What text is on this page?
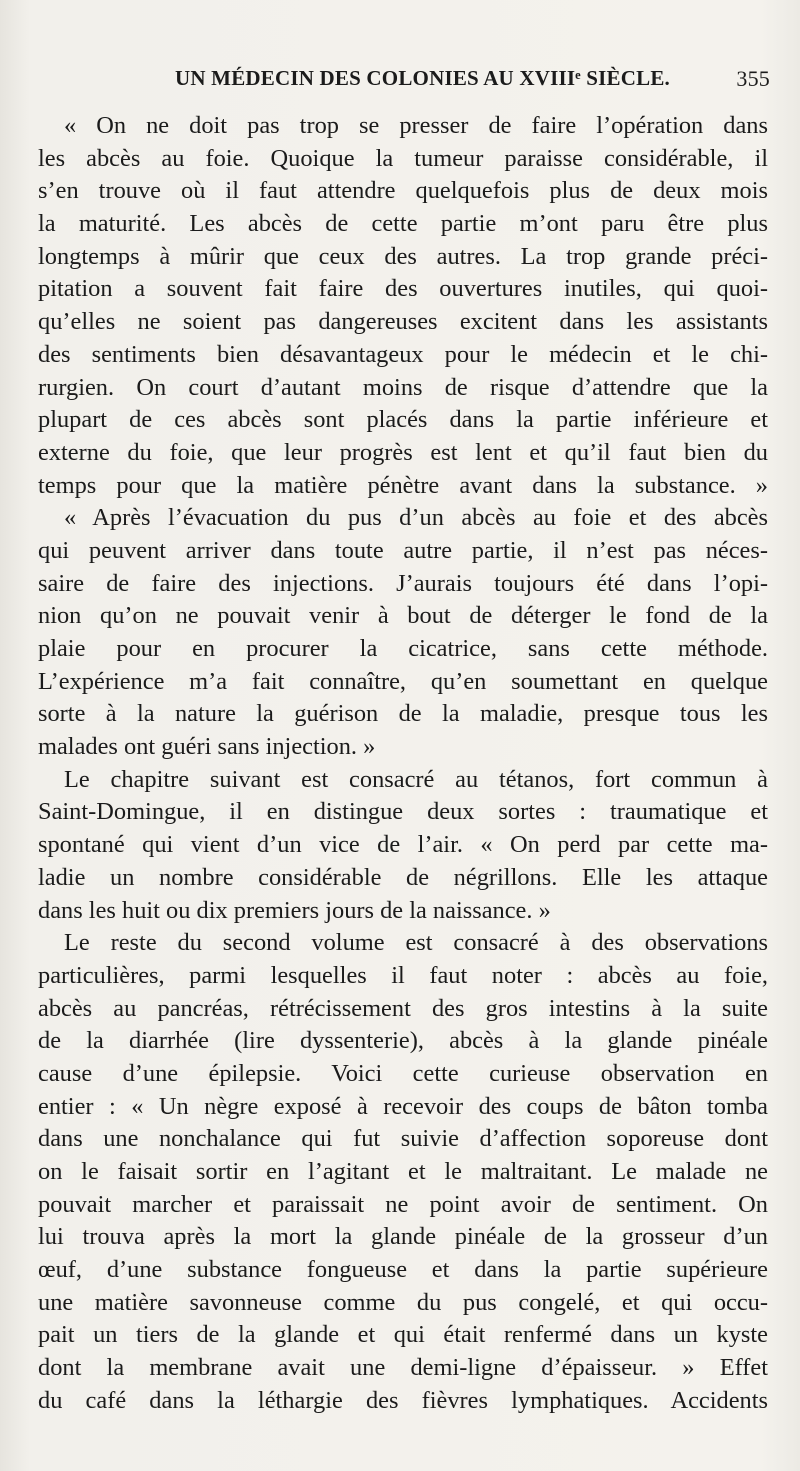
UN MÉDECIN DES COLONIES AU XVIIIᵉ SIÈCLE.	355
« On ne doit pas trop se presser de faire l’opération dans
les abcès au foie. Quoique la tumeur paraisse considérable, il
s’en trouve où il faut attendre quelquefois plus de deux mois
la maturité. Les abcès de cette partie m’ont paru être plus
longtemps à mûrir que ceux des autres. La trop grande préci-
pitation a souvent fait faire des ouvertures inutiles, qui quoi-
qu’elles ne soient pas dangereuses excitent dans les assistants
des sentiments bien désavantageux pour le médecin et le chi-
rurgien. On court d’autant moins de risque d’attendre que la
plupart de ces abcès sont placés dans la partie inférieure et
externe du foie, que leur progrès est lent et qu’il faut bien du
temps pour que la matière pénètre avant dans la substance. »
« Après l’évacuation du pus d’un abcès au foie et des abcès
qui peuvent arriver dans toute autre partie, il n’est pas néces-
saire de faire des injections. J’aurais toujours été dans l’opi-
nion qu’on ne pouvait venir à bout de déterger le fond de la
plaie pour en procurer la cicatrice, sans cette méthode.
L’expérience m’a fait connaître, qu’en soumettant en quelque
sorte à la nature la guérison de la maladie, presque tous les
malades ont guéri sans injection. »
Le chapitre suivant est consacré au tétanos, fort commun à
Saint-Domingue, il en distingue deux sortes : traumatique et
spontané qui vient d’un vice de l’air. « On perd par cette ma-
ladie un nombre considérable de négrillons. Elle les attaque
dans les huit ou dix premiers jours de la naissance. »
Le reste du second volume est consacré à des observations
particulières, parmi lesquelles il faut noter : abcès au foie,
abcès au pancréas, rétrécissement des gros intestins à la suite
de la diarrhée (lire dyssenterie), abcès à la glande pinéale
cause d’une épilepsie. Voici cette curieuse observation en
entier : « Un nègre exposé à recevoir des coups de bâton tomba
dans une nonchalance qui fut suivie d’affection soporeuse dont
on le faisait sortir en l’agitant et le maltraitant. Le malade ne
pouvait marcher et paraissait ne point avoir de sentiment. On
lui trouva après la mort la glande pinéale de la grosseur d’un
œuf, d’une substance fongueuse et dans la partie supérieure
une matière savonneuse comme du pus congelé, et qui occu-
pait un tiers de la glande et qui était renfermé dans un kyste
dont la membrane avait une demi-ligne d’épaisseur. » Effet
du café dans la léthargie des fièvres lymphatiques. Accidents
